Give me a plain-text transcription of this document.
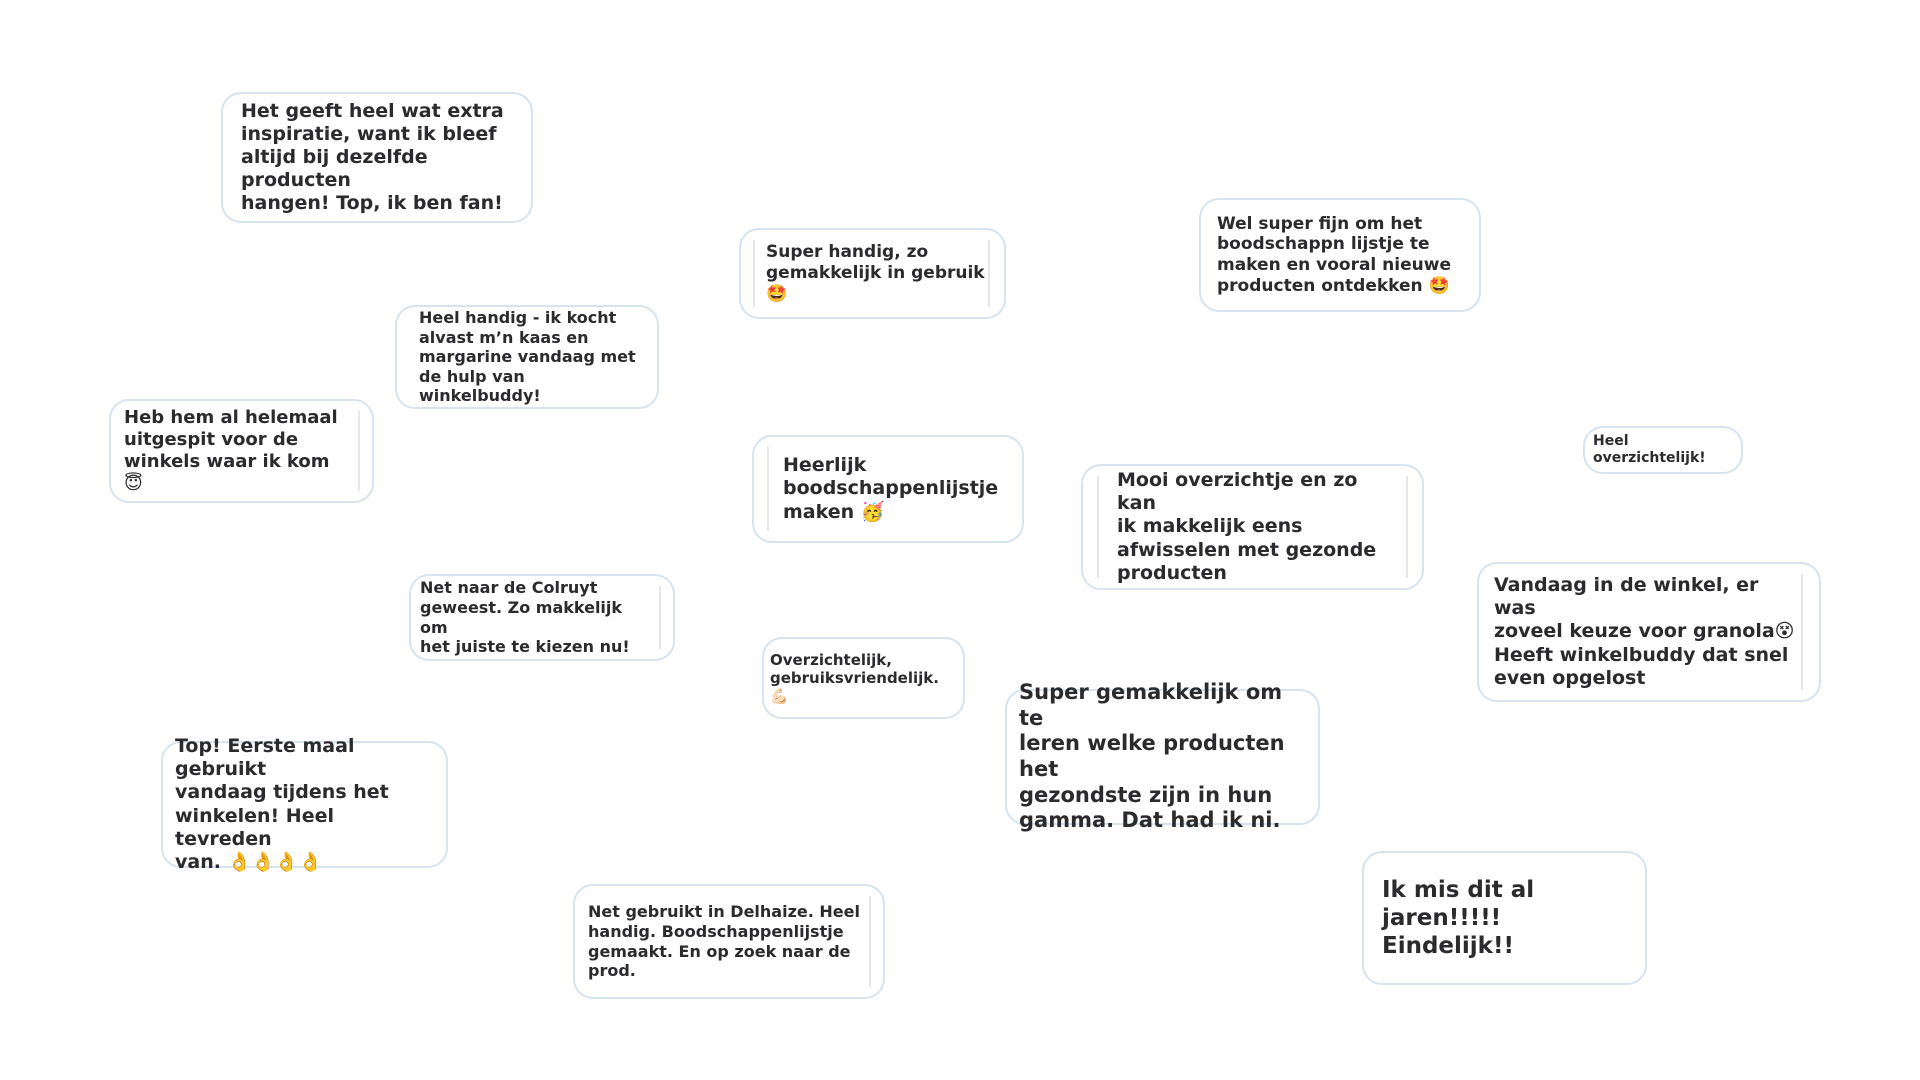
Het geeft heel wat extra
inspiratie, want ik bleef
altijd bij dezelfde producten
hangen! Top, ik ben fan!
Super handig, zo
gemakkelijk in gebruik
🤩
Wel super fijn om het
boodschappn lijstje te
maken en vooral nieuwe
producten ontdekken 🤩
Heel handig - ik kocht
alvast m’n kaas en
margarine vandaag met
de hulp van winkelbuddy!
Heb hem al helemaal
uitgespit voor de
winkels waar ik kom 😇
Heerlijk
boodschappenlijstje
maken 🥳
Mooi overzichtje en zo kan
ik makkelijk eens
afwisselen met gezonde
producten
Heel overzichtelijk!
Net naar de Colruyt
geweest. Zo makkelijk om
het juiste te kiezen nu!
Vandaag in de winkel, er was
zoveel keuze voor granola😵
Heeft winkelbuddy dat snel
even opgelost
Overzichtelijk,
gebruiksvriendelijk. 💪🏻	Super gemakkelijk om te
leren welke producten het
gezondste zijn in hun
gamma. Dat had ik ni.
Top! Eerste maal gebruikt
vandaag tijdens het
winkelen! Heel tevreden
van. 👌👌👌👌
Net gebruikt in Delhaize. Heel
handig. Boodschappenlijstje
gemaakt. En op zoek naar de
prod.
Ik mis dit al jaren!!!!!
Eindelijk!!
